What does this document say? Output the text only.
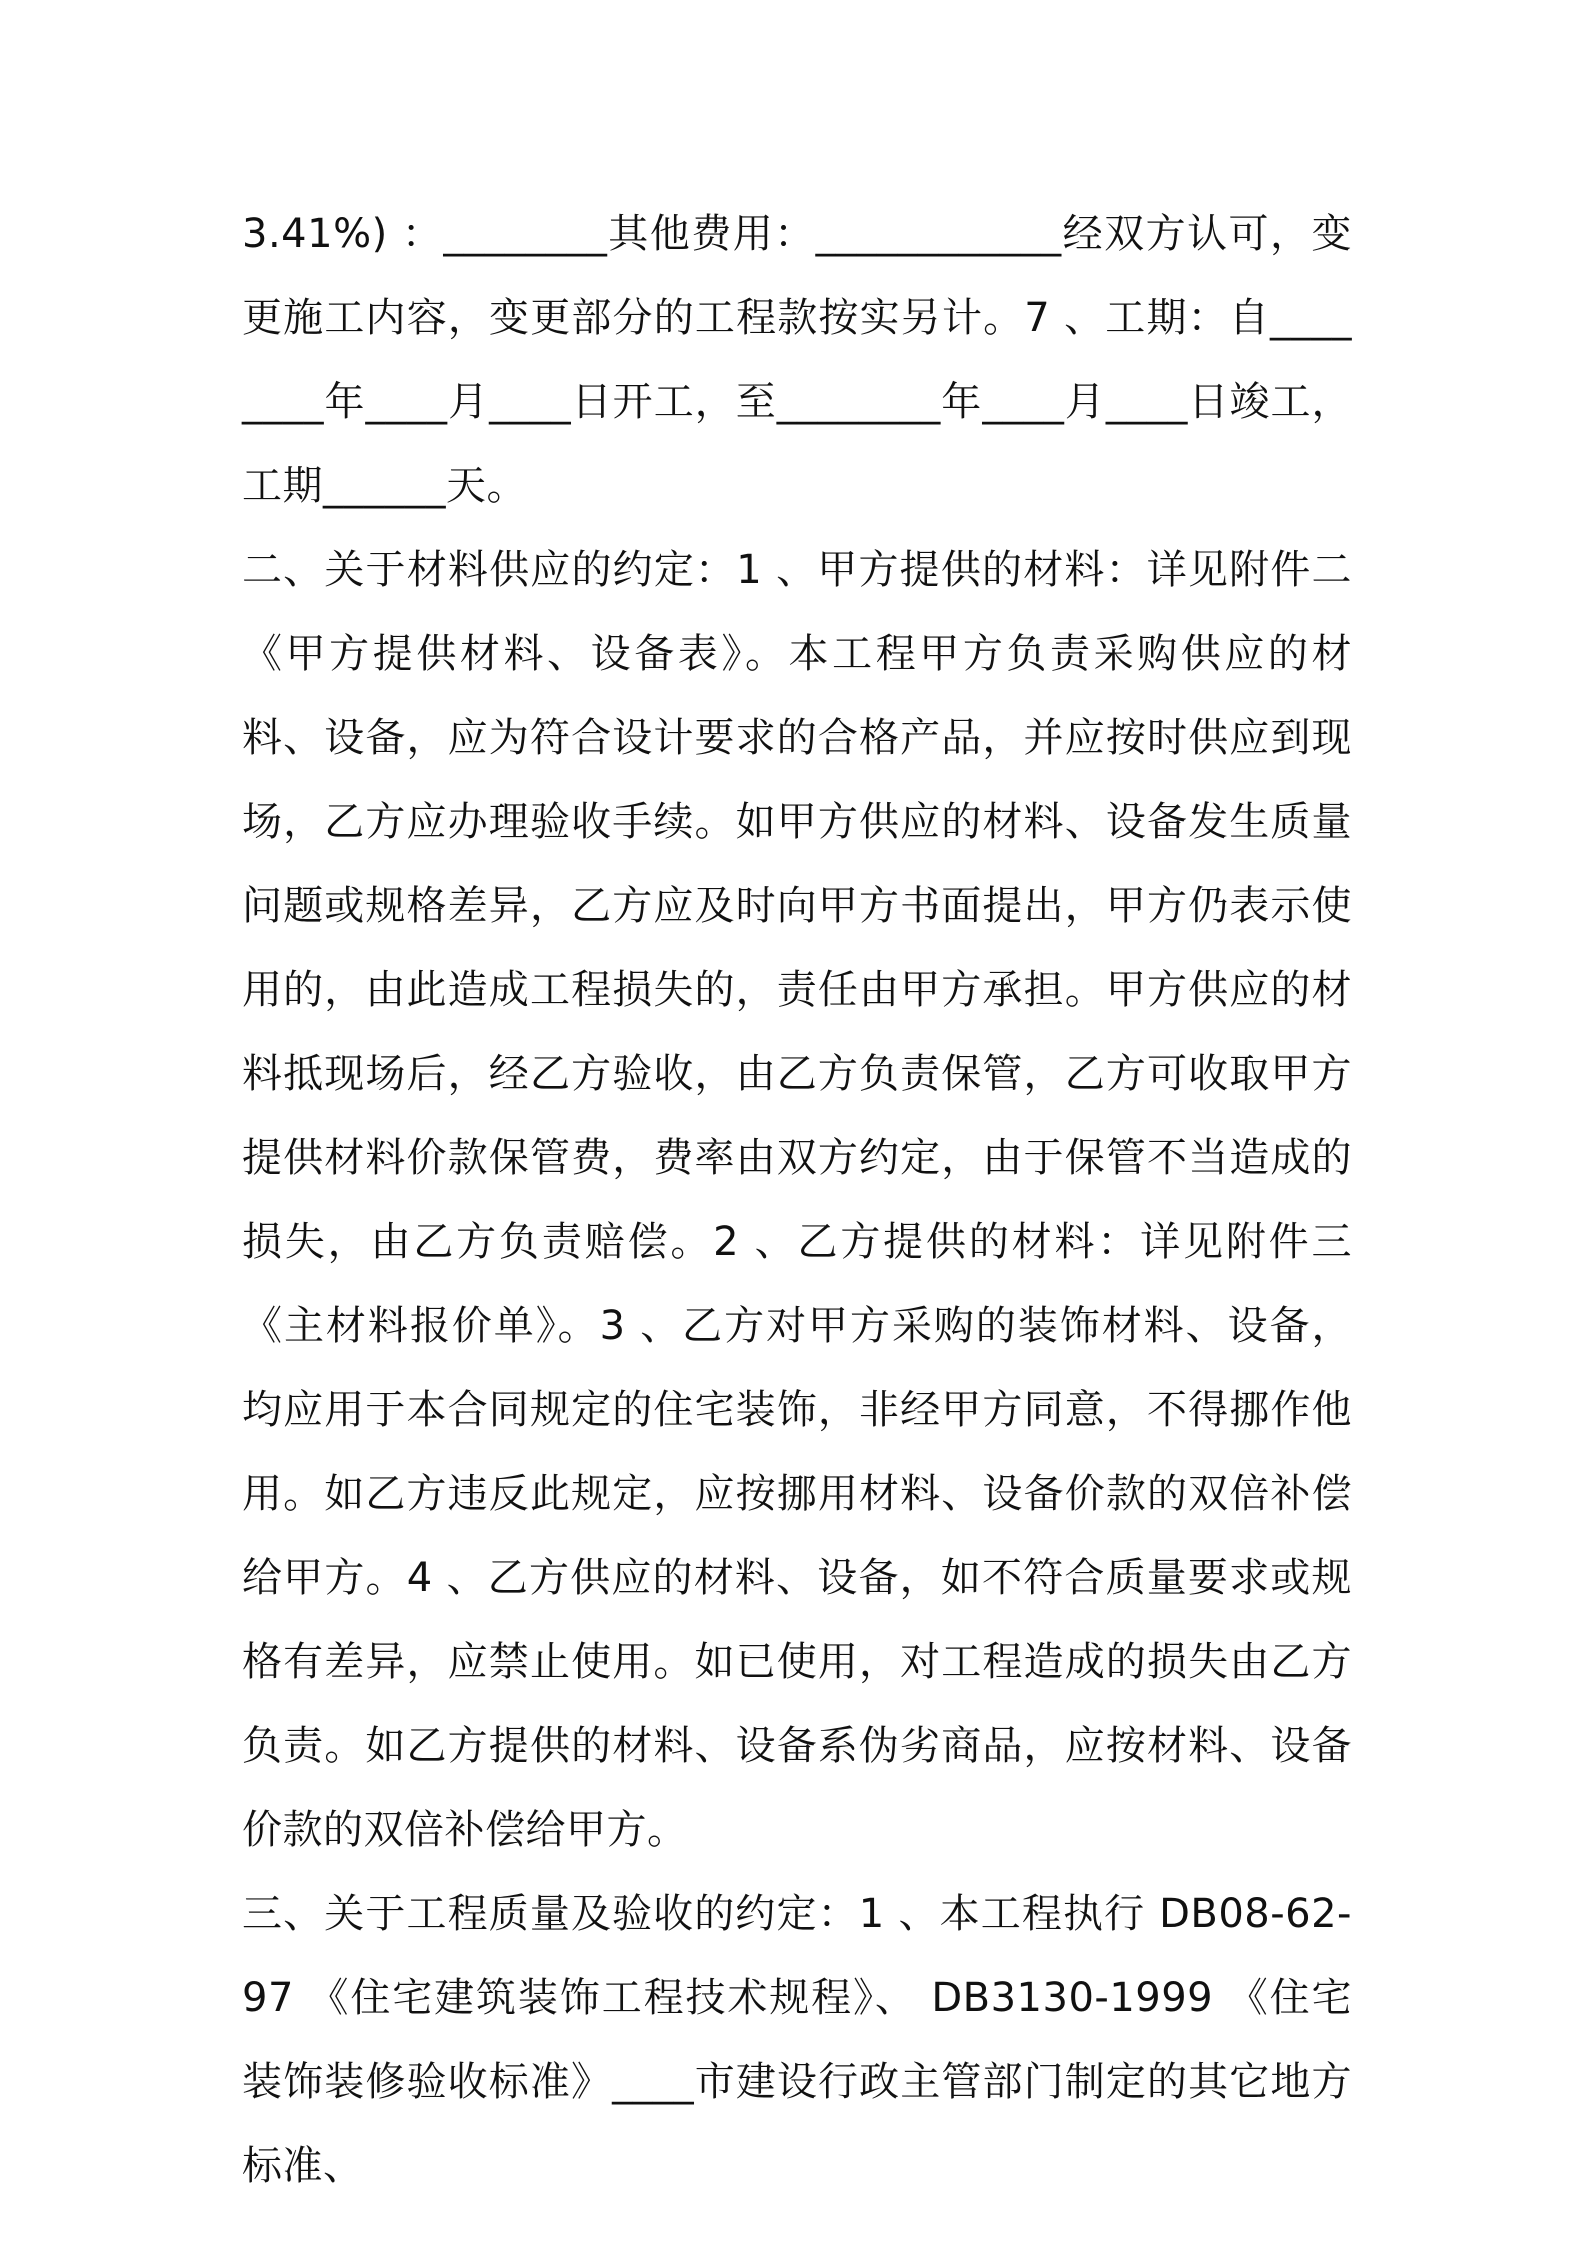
3.41%) ：________其他费用：____________经双方认可，变更施工内容，变更部分的工程款按实另计。7 、工期：自________年____月____日开工，至________年____月____日竣工，工期______天。

二、关于材料供应的约定：1 、甲方提供的材料：详见附件二《甲方提供材料、设备表》。本工程甲方负责采购供应的材料、设备，应为符合设计要求的合格产品，并应按时供应到现场，乙方应办理验收手续。如甲方供应的材料、设备发生质量问题或规格差异，乙方应及时向甲方书面提出，甲方仍表示使用的，由此造成工程损失的，责任由甲方承担。甲方供应的材料抵现场后，经乙方验收，由乙方负责保管，乙方可收取甲方提供材料价款保管费，费率由双方约定，由于保管不当造成的损失，由乙方负责赔偿。2 、乙方提供的材料：详见附件三《主材料报价单》。3 、乙方对甲方采购的装饰材料、设备，均应用于本合同规定的住宅装饰，非经甲方同意，不得挪作他用。如乙方违反此规定，应按挪用材料、设备价款的双倍补偿给甲方。4 、乙方供应的材料、设备，如不符合质量要求或规格有差异，应禁止使用。如已使用，对工程造成的损失由乙方负责。如乙方提供的材料、设备系伪劣商品，应按材料、设备价款的双倍补偿给甲方。

三、关于工程质量及验收的约定：1 、本工程执行 DB08-62-97 《住宅建筑装饰工程技术规程》、 DB3130-1999 《住宅装饰装修验收标准》____市建设行政主管部门制定的其它地方标准、
